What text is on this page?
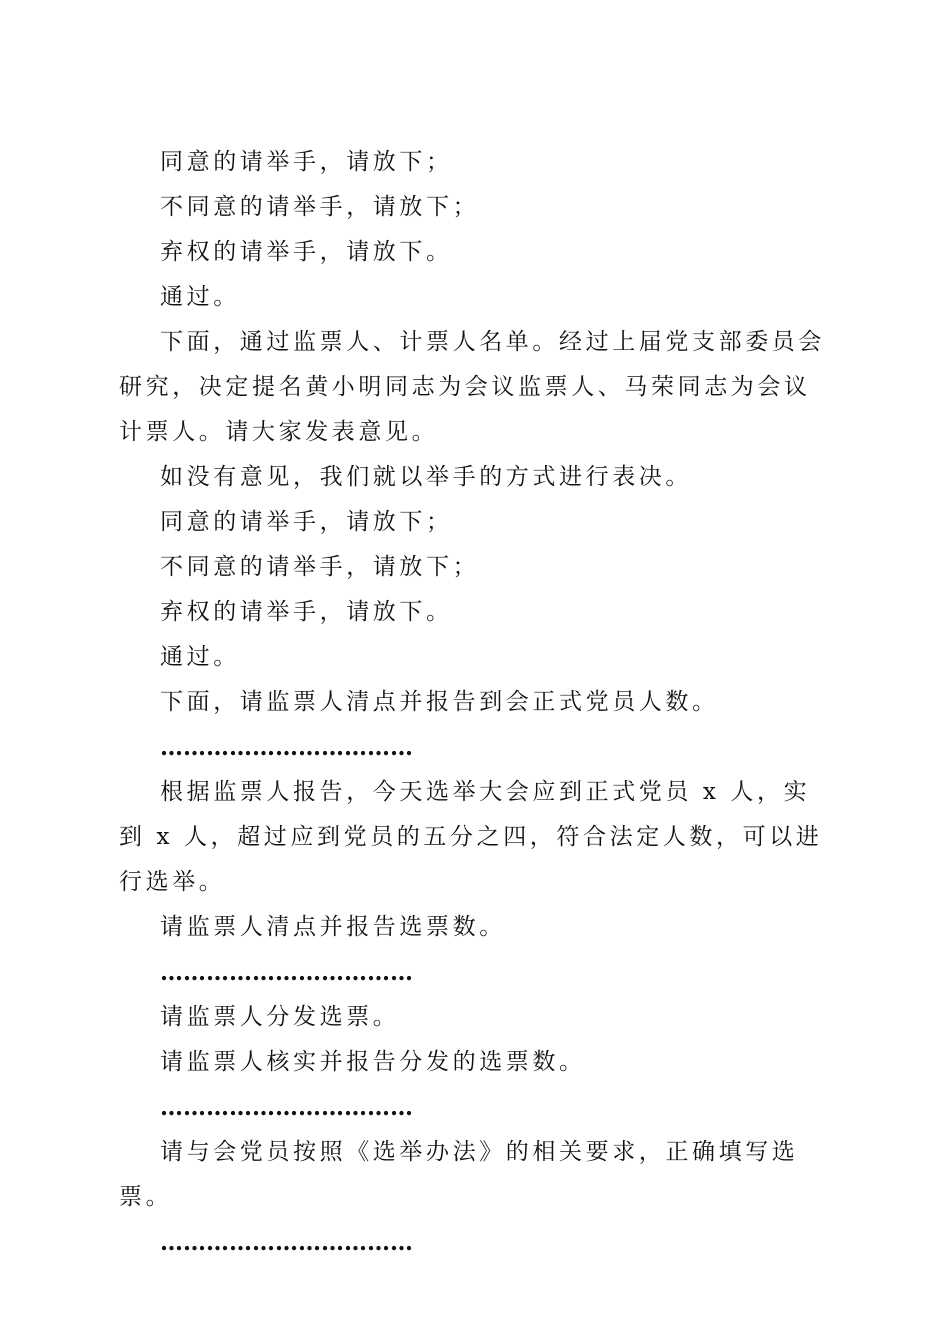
同意的请举手，请放下；

不同意的请举手，请放下；

弃权的请举手，请放下。

通过。

下面，通过监票人、计票人名单。经过上届党支部委员会研究，决定提名黄小明同志为会议监票人、马荣同志为会议计票人。请大家发表意见。

如没有意见，我们就以举手的方式进行表决。

同意的请举手，请放下；

不同意的请举手，请放下；

弃权的请举手，请放下。

通过。

下面，请监票人清点并报告到会正式党员人数。

……………………………

根据监票人报告，今天选举大会应到正式党员 x 人，实到 x 人，超过应到党员的五分之四，符合法定人数，可以进行选举。

请监票人清点并报告选票数。

……………………………

请监票人分发选票。

请监票人核实并报告分发的选票数。

……………………………

请与会党员按照《选举办法》的相关要求，正确填写选票。

……………………………
